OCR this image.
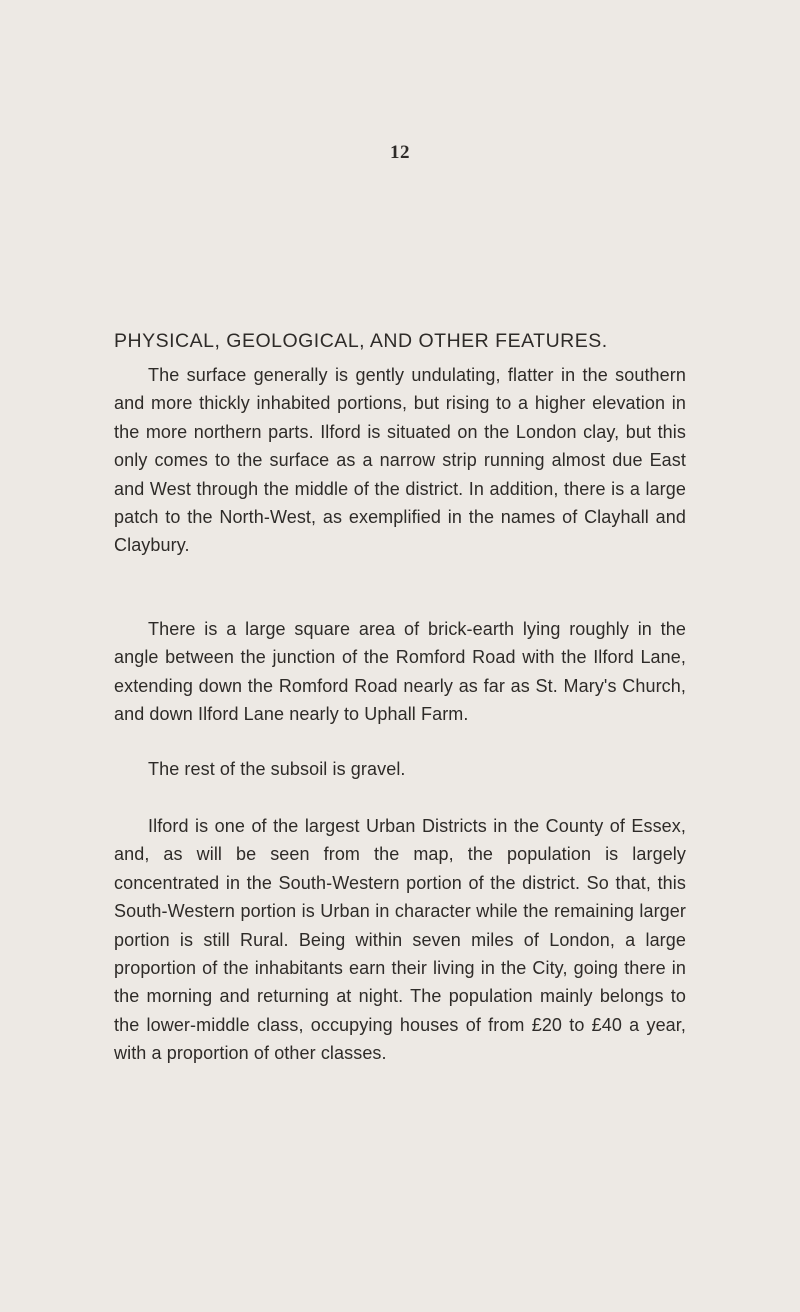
12
PHYSICAL, GEOLOGICAL, AND OTHER FEATURES.

The surface generally is gently undulating, flatter in the southern and more thickly inhabited portions, but rising to a higher elevation in the more northern parts. Ilford is situated on the London clay, but this only comes to the surface as a narrow strip running almost due East and West through the middle of the district. In addition, there is a large patch to the North-West, as exemplified in the names of Clayhall and Claybury.

There is a large square area of brick-earth lying roughly in the angle between the junction of the Romford Road with the Ilford Lane, extending down the Romford Road nearly as far as St. Mary's Church, and down Ilford Lane nearly to Uphall Farm.

The rest of the subsoil is gravel.

Ilford is one of the largest Urban Districts in the County of Essex, and, as will be seen from the map, the population is largely concentrated in the South-Western portion of the district. So that, this South-Western portion is Urban in character while the remaining larger portion is still Rural. Being within seven miles of London, a large proportion of the inhabitants earn their living in the City, going there in the morning and returning at night. The population mainly belongs to the lower-middle class, occupying houses of from £20 to £40 a year, with a proportion of other classes.
